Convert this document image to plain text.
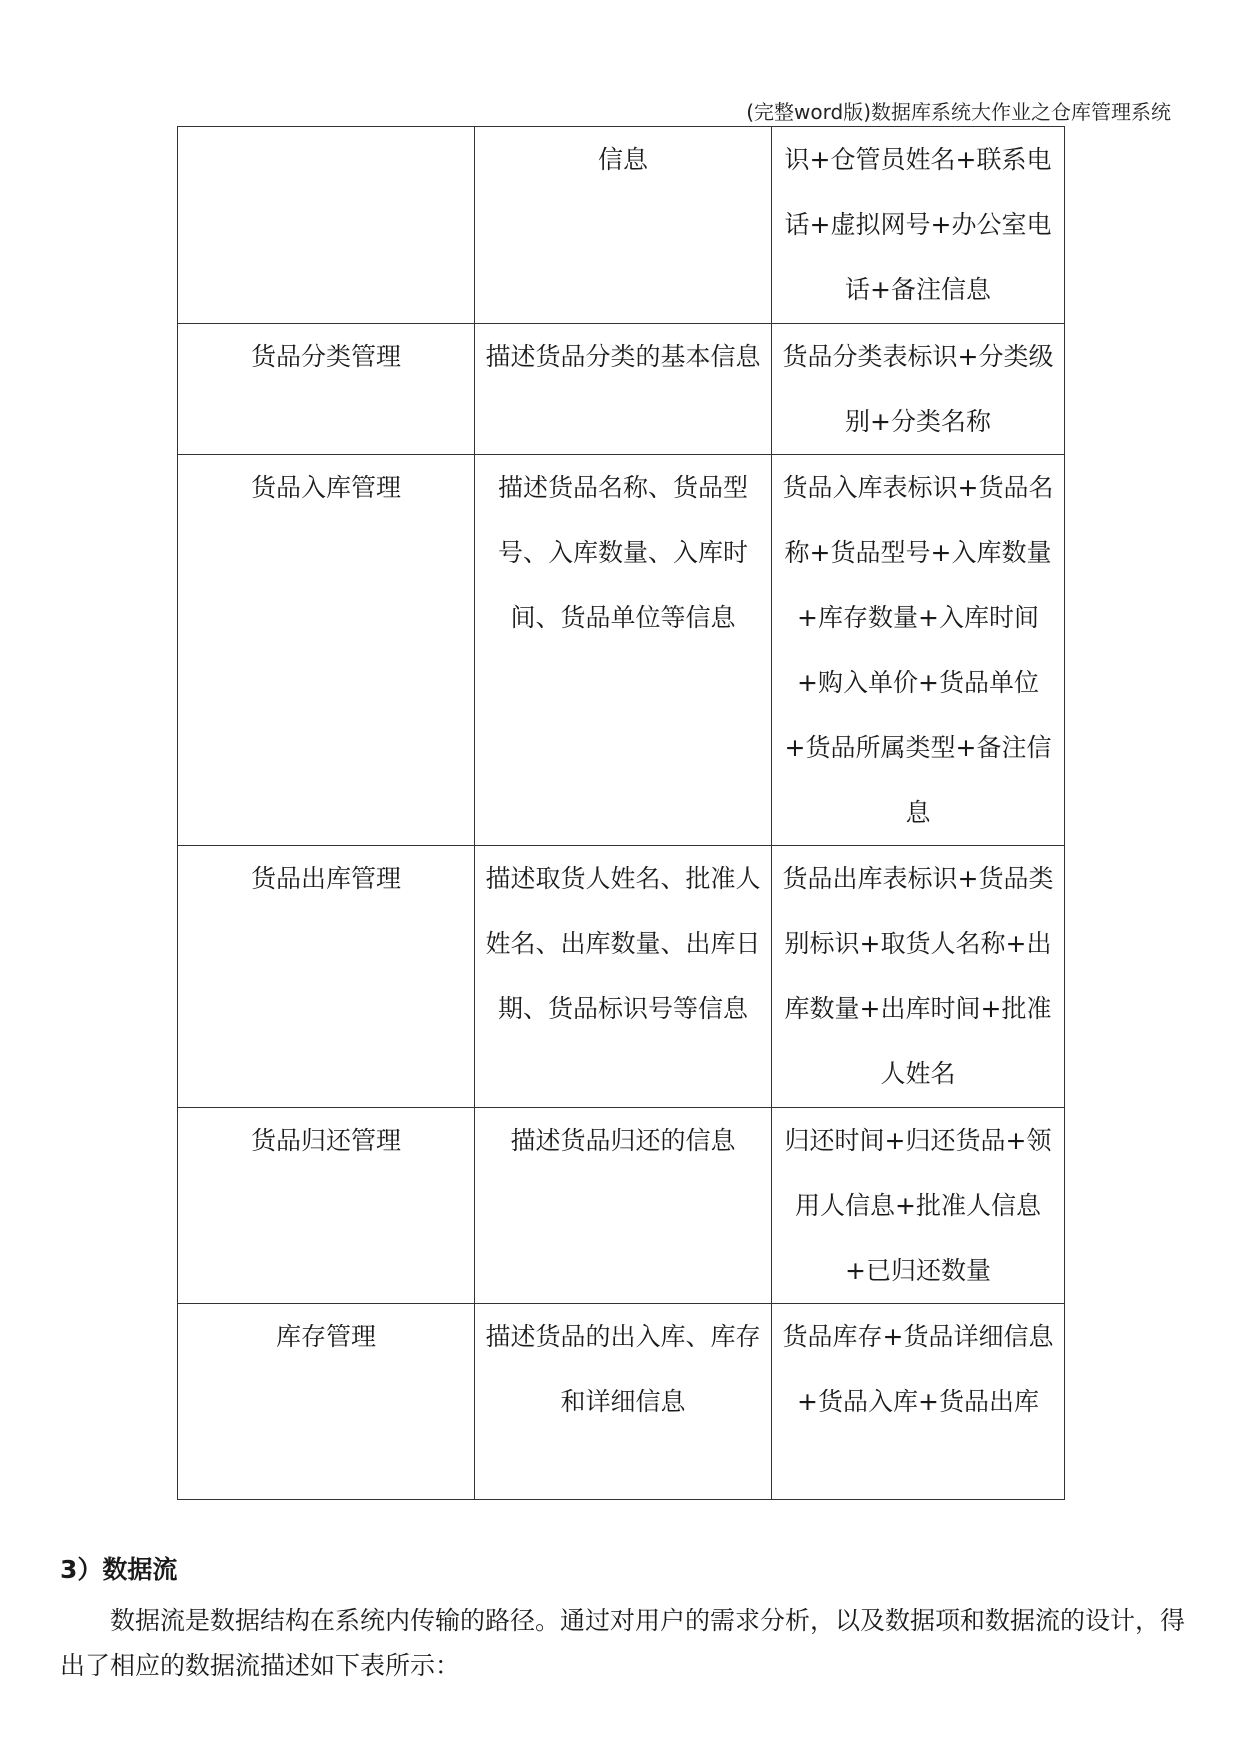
(完整word版)数据库系统大作业之仓库管理系统
	信息	识+仓管员姓名+联系电话+虚拟网号+办公室电话+备注信息
货品分类管理	描述货品分类的基本信息	货品分类表标识+分类级别+分类名称
货品入库管理	描述货品名称、货品型号、入库数量、入库时间、货品单位等信息	货品入库表标识+货品名称+货品型号+入库数量+库存数量+入库时间+购入单价+货品单位+货品所属类型+备注信息
货品出库管理	描述取货人姓名、批准人姓名、出库数量、出库日期、货品标识号等信息	货品出库表标识+货品类别标识+取货人名称+出库数量+出库时间+批准人姓名
货品归还管理	描述货品归还的信息	归还时间+归还货品+领用人信息+批准人信息+已归还数量
库存管理	描述货品的出入库、库存和详细信息	货品库存+货品详细信息+货品入库+货品出库
3）数据流
数据流是数据结构在系统内传输的路径。通过对用户的需求分析，以及数据项和数据流的设计，得出了相应的数据流描述如下表所示：
